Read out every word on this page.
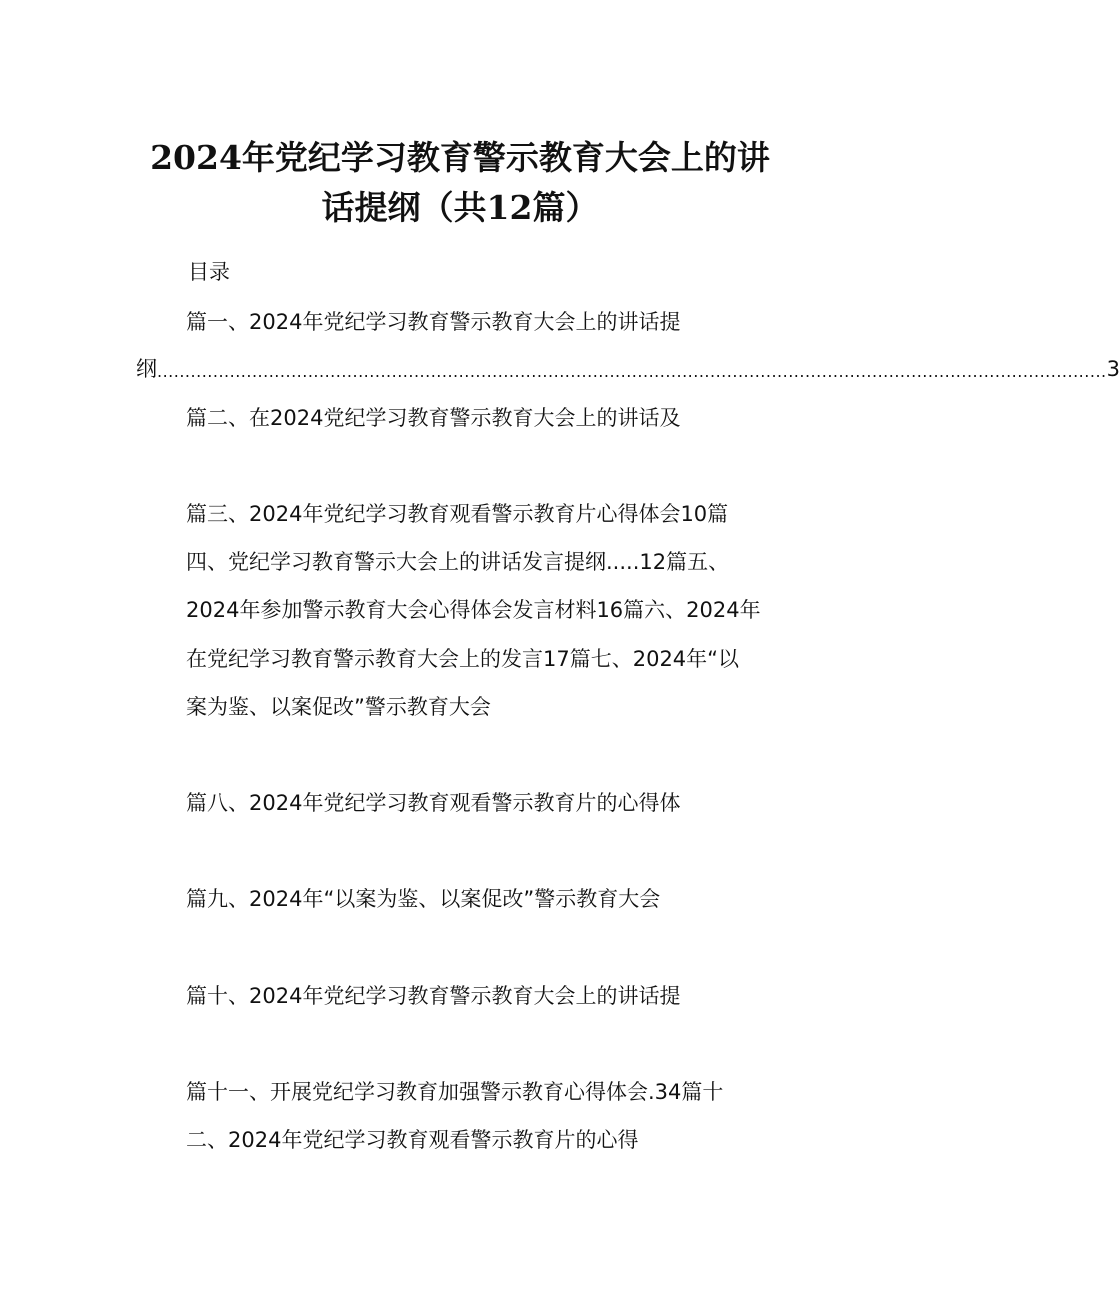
2024年党纪学习教育警示教育大会上的讲
话提纲（共12篇）
目录
篇一、2024年党纪学习教育警示教育大会上的讲话提
纲 .......................................................................................................................................................................... 3
篇二、在2024党纪学习教育警示教育大会上的讲话及
篇三、2024年党纪学习教育观看警示教育片心得体会10篇
四、党纪学习教育警示大会上的讲话发言提纲.....12篇五、
2024年参加警示教育大会心得体会发言材料16篇六、2024年
在党纪学习教育警示教育大会上的发言17篇七、2024年“以
案为鉴、以案促改”警示教育大会
篇八、2024年党纪学习教育观看警示教育片的心得体
篇九、2024年“以案为鉴、以案促改”警示教育大会
篇十、2024年党纪学习教育警示教育大会上的讲话提
篇十一、开展党纪学习教育加强警示教育心得体会.34篇十
二、2024年党纪学习教育观看警示教育片的心得
